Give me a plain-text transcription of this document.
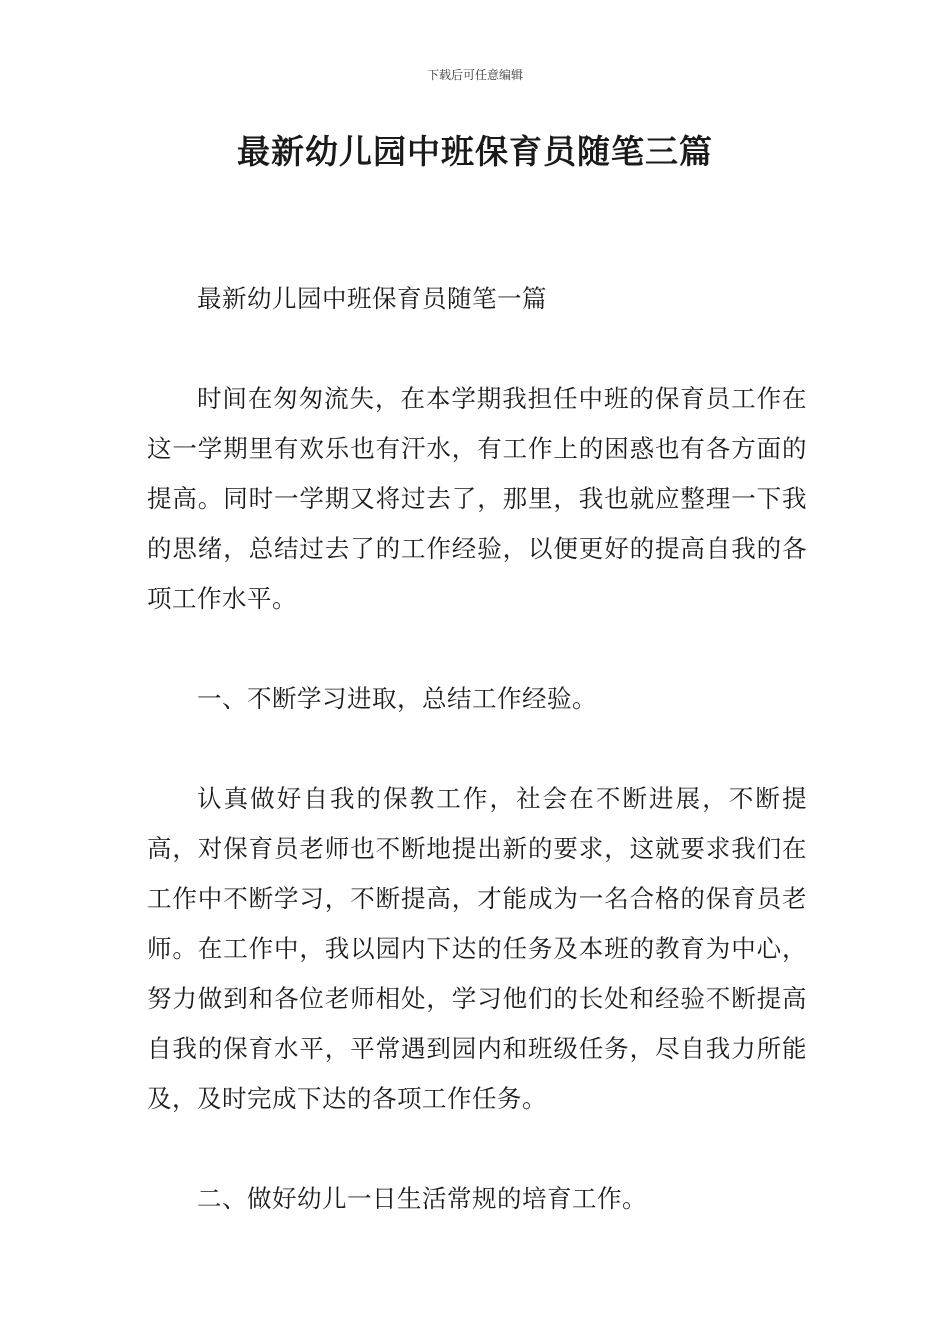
下载后可任意编辑
最新幼儿园中班保育员随笔三篇

最新幼儿园中班保育员随笔一篇

时间在匆匆流失，在本学期我担任中班的保育员工作在这一学期里有欢乐也有汗水，有工作上的困惑也有各方面的提高。同时一学期又将过去了，那里，我也就应整理一下我的思绪，总结过去了的工作经验，以便更好的提高自我的各项工作水平。

一、不断学习进取，总结工作经验。

认真做好自我的保教工作，社会在不断进展，不断提高，对保育员老师也不断地提出新的要求，这就要求我们在工作中不断学习，不断提高，才能成为一名合格的保育员老师。在工作中，我以园内下达的任务及本班的教育为中心，努力做到和各位老师相处，学习他们的长处和经验不断提高自我的保育水平，平常遇到园内和班级任务，尽自我力所能及，及时完成下达的各项工作任务。

二、做好幼儿一日生活常规的培育工作。
